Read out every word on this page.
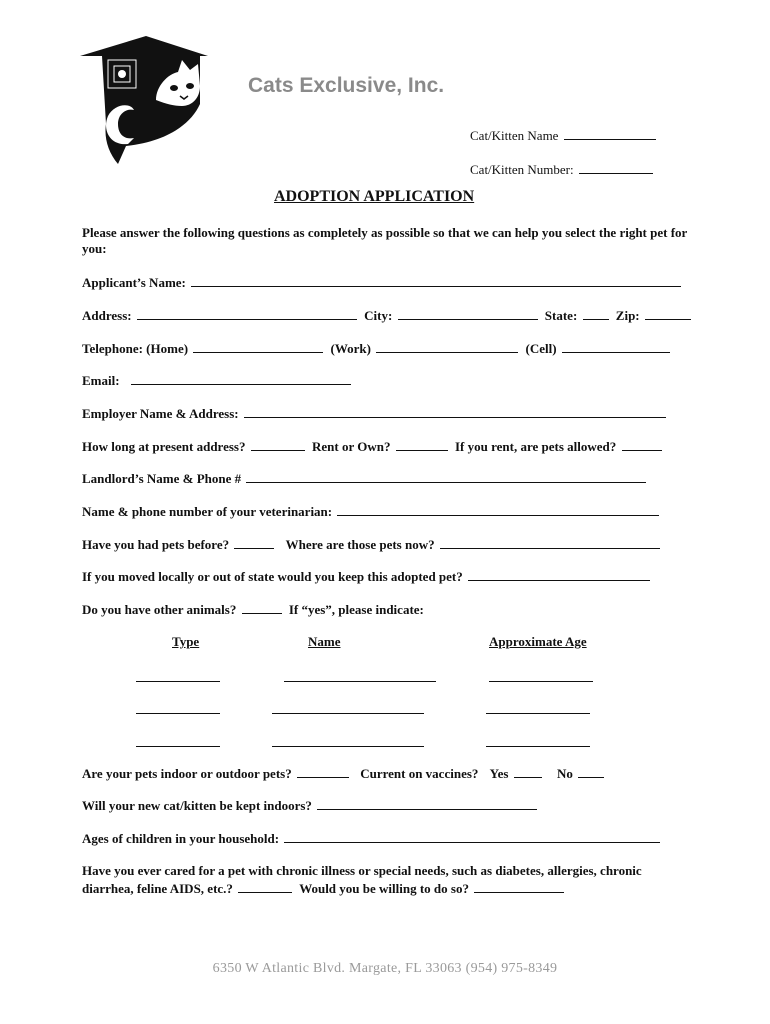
Cats Exclusive, Inc.
Cat/Kitten Name
Cat/Kitten Number:
ADOPTION APPLICATION
Please answer the following questions as completely as possible so that we can help you select the right pet for you:
Applicant’s Name:
Address:	City:	State:	Zip:
Telephone: (Home)	(Work)	(Cell)
Email:
Employer Name & Address:
How long at present address?	Rent or Own?	If you rent, are pets allowed?
Landlord’s Name & Phone #
Name & phone number of your veterinarian:
Have you had pets before?	Where are those pets now?
If you moved locally or out of state would you keep this adopted pet?
Do you have other animals?	If “yes”, please indicate:
Type	Name	Approximate Age
Are your pets indoor or outdoor pets?	Current on vaccines? Yes	No
Will your new cat/kitten be kept indoors?
Ages of children in your household:
Have you ever cared for a pet with chronic illness or special needs, such as diabetes, allergies, chronic
diarrhea, feline AIDS, etc.?	Would you be willing to do so?
6350 W Atlantic Blvd. Margate, FL 33063 (954) 975-8349
